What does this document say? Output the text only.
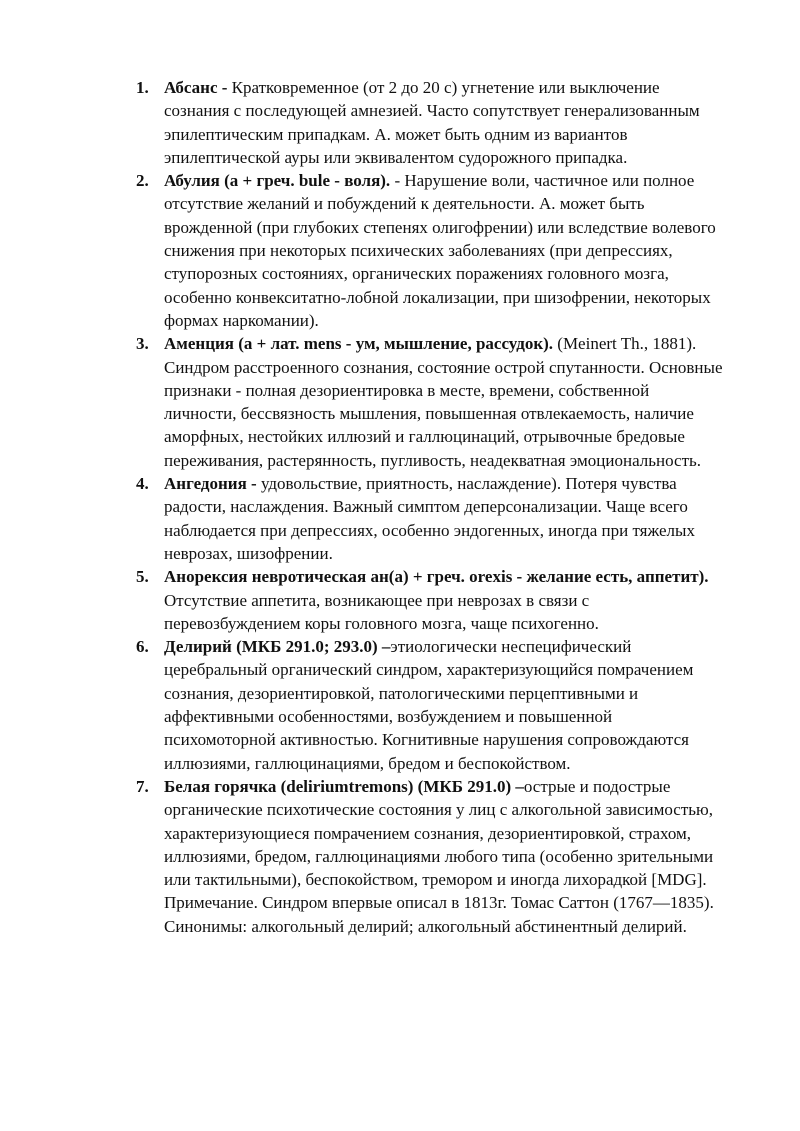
1. Абсанс - Кратковременное (от 2 до 20 с) угнетение или выключение сознания с последующей амнезией. Часто сопутствует генерализованным эпилептическим припадкам. А. может быть одним из вариантов эпилептической ауры или эквивалентом судорожного припадка.
2. Абулия (а + греч. bule - воля). - Нарушение воли, частичное или полное отсутствие желаний и побуждений к деятельности. А. может быть врожденной (при глубоких степенях олигофрении) или вследствие волевого снижения при некоторых психических заболеваниях (при депрессиях, ступорозных состояниях, органических поражениях головного мозга, особенно конвекситатно-лобной локализации, при шизофрении, некоторых формах наркомании).
3. Аменция (а + лат. mens - ум, мышление, рассудок). (Meinert Th., 1881). Синдром расстроенного сознания, состояние острой спутанности. Основные признаки - полная дезориентировка в месте, времени, собственной личности, бессвязность мышления, повышенная отвлекаемость, наличие аморфных, нестойких иллюзий и галлюцинаций, отрывочные бредовые переживания, растерянность, пугливость, неадекватная эмоциональность.
4. Ангедония - удовольствие, приятность, наслаждение). Потеря чувства радости, наслаждения. Важный симптом деперсонализации. Чаще всего наблюдается при депрессиях, особенно эндогенных, иногда при тяжелых неврозах, шизофрении.
5. Анорексия невротическая ан(а) + греч. orexis - желание есть, аппетит). Отсутствие аппетита, возникающее при неврозах в связи с перевозбуждением коры головного мозга, чаще психогенно.
6. Делирий (МКБ 291.0; 293.0) –этиологически неспецифический церебральный органический синдром, характеризующийся помрачением сознания, дезориентировкой, патологическими перцептивными и аффективными особенностями, возбуждением и повышенной психомоторной активностью. Когнитивные нарушения сопровождаются иллюзиями, галлюцинациями, бредом и беспокойством.
7. Белая горячка (deliriumtremons) (МКБ 291.0) –острые и подострые органические психотические состояния у лиц с алкогольной зависимостью, характеризующиеся помрачением сознания, дезориентировкой, страхом, иллюзиями, бредом, галлюцинациями любого типа (особенно зрительными или тактильными), беспокойством, тремором и иногда лихорадкой [MDG]. Примечание. Синдром впервые описал в 1813г. Томас Саттон (1767—1835). Синонимы: алкогольный делирий; алкогольный абстинентный делирий.
